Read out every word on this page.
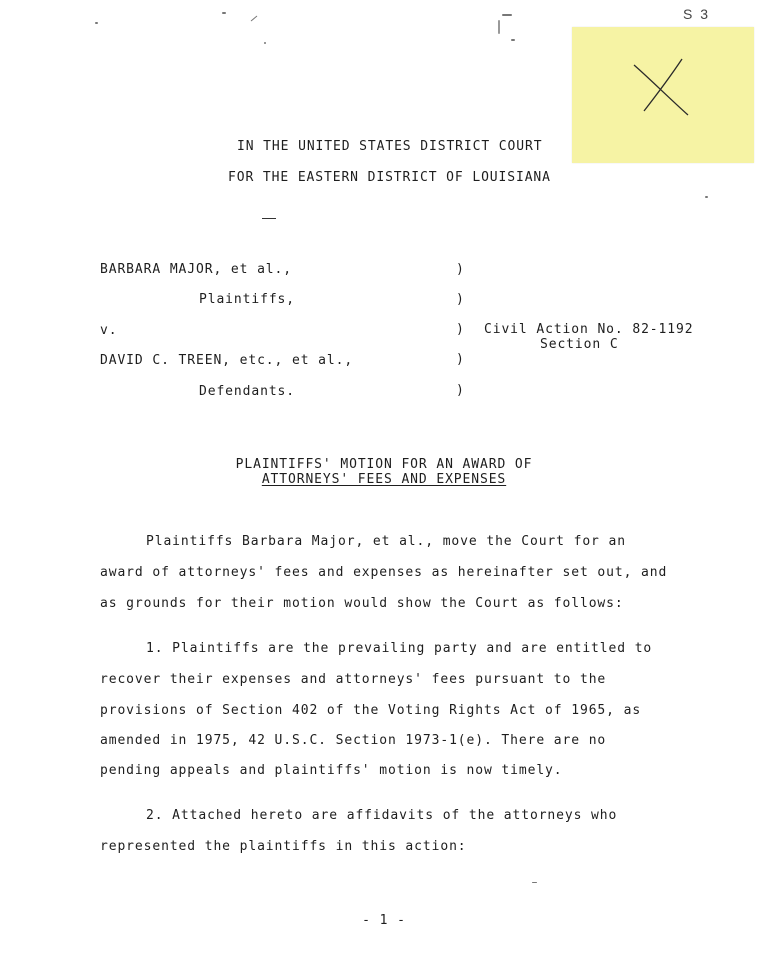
S 3
IN THE UNITED STATES DISTRICT COURT
FOR THE EASTERN DISTRICT OF LOUISIANA
BARBARA MAJOR, et al.,
Plaintiffs,
v.
DAVID C. TREEN, etc., et al.,
Defendants.
)
)
)
)
)
Civil Action No. 82-1192
Section C
PLAINTIFFS' MOTION FOR AN AWARD OF
ATTORNEYS' FEES AND EXPENSES
Plaintiffs Barbara Major, et al., move the Court for an
award of attorneys' fees and expenses as hereinafter set out, and
as grounds for their motion would show the Court as follows:
1. Plaintiffs are the prevailing party and are entitled to
recover their expenses and attorneys' fees pursuant to the
provisions of Section 402 of the Voting Rights Act of 1965, as
amended in 1975, 42 U.S.C. Section 1973-1(e). There are no
pending appeals and plaintiffs' motion is now timely.
2. Attached hereto are affidavits of the attorneys who
represented the plaintiffs in this action:
- 1 -
